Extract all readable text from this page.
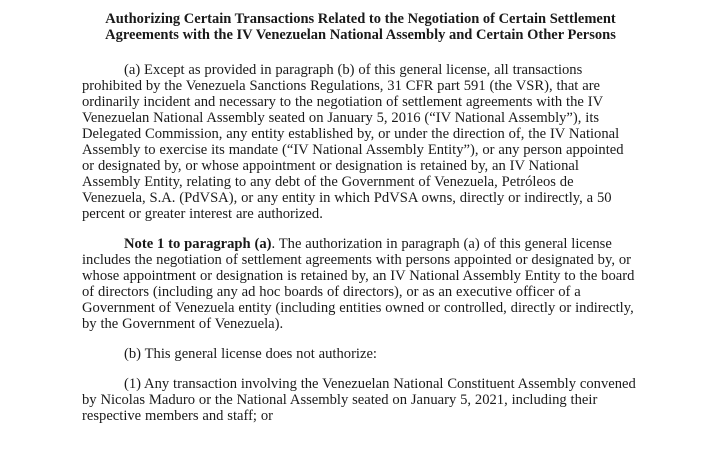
Authorizing Certain Transactions Related to the Negotiation of Certain Settlement
Agreements with the IV Venezuelan National Assembly and Certain Other Persons

(a) Except as provided in paragraph (b) of this general license, all transactions prohibited by the Venezuela Sanctions Regulations, 31 CFR part 591 (the VSR), that are ordinarily incident and necessary to the negotiation of settlement agreements with the IV Venezuelan National Assembly seated on January 5, 2016 (“IV National Assembly”), its Delegated Commission, any entity established by, or under the direction of, the IV National Assembly to exercise its mandate (“IV National Assembly Entity”), or any person appointed or designated by, or whose appointment or designation is retained by, an IV National Assembly Entity, relating to any debt of the Government of Venezuela, Petróleos de Venezuela, S.A. (PdVSA), or any entity in which PdVSA owns, directly or indirectly, a 50 percent or greater interest are authorized.

Note 1 to paragraph (a). The authorization in paragraph (a) of this general license includes the negotiation of settlement agreements with persons appointed or designated by, or whose appointment or designation is retained by, an IV National Assembly Entity to the board of directors (including any ad hoc boards of directors), or as an executive officer of a Government of Venezuela entity (including entities owned or controlled, directly or indirectly, by the Government of Venezuela).

(b) This general license does not authorize:

(1) Any transaction involving the Venezuelan National Constituent Assembly convened by Nicolas Maduro or the National Assembly seated on January 5, 2021, including their respective members and staff; or
